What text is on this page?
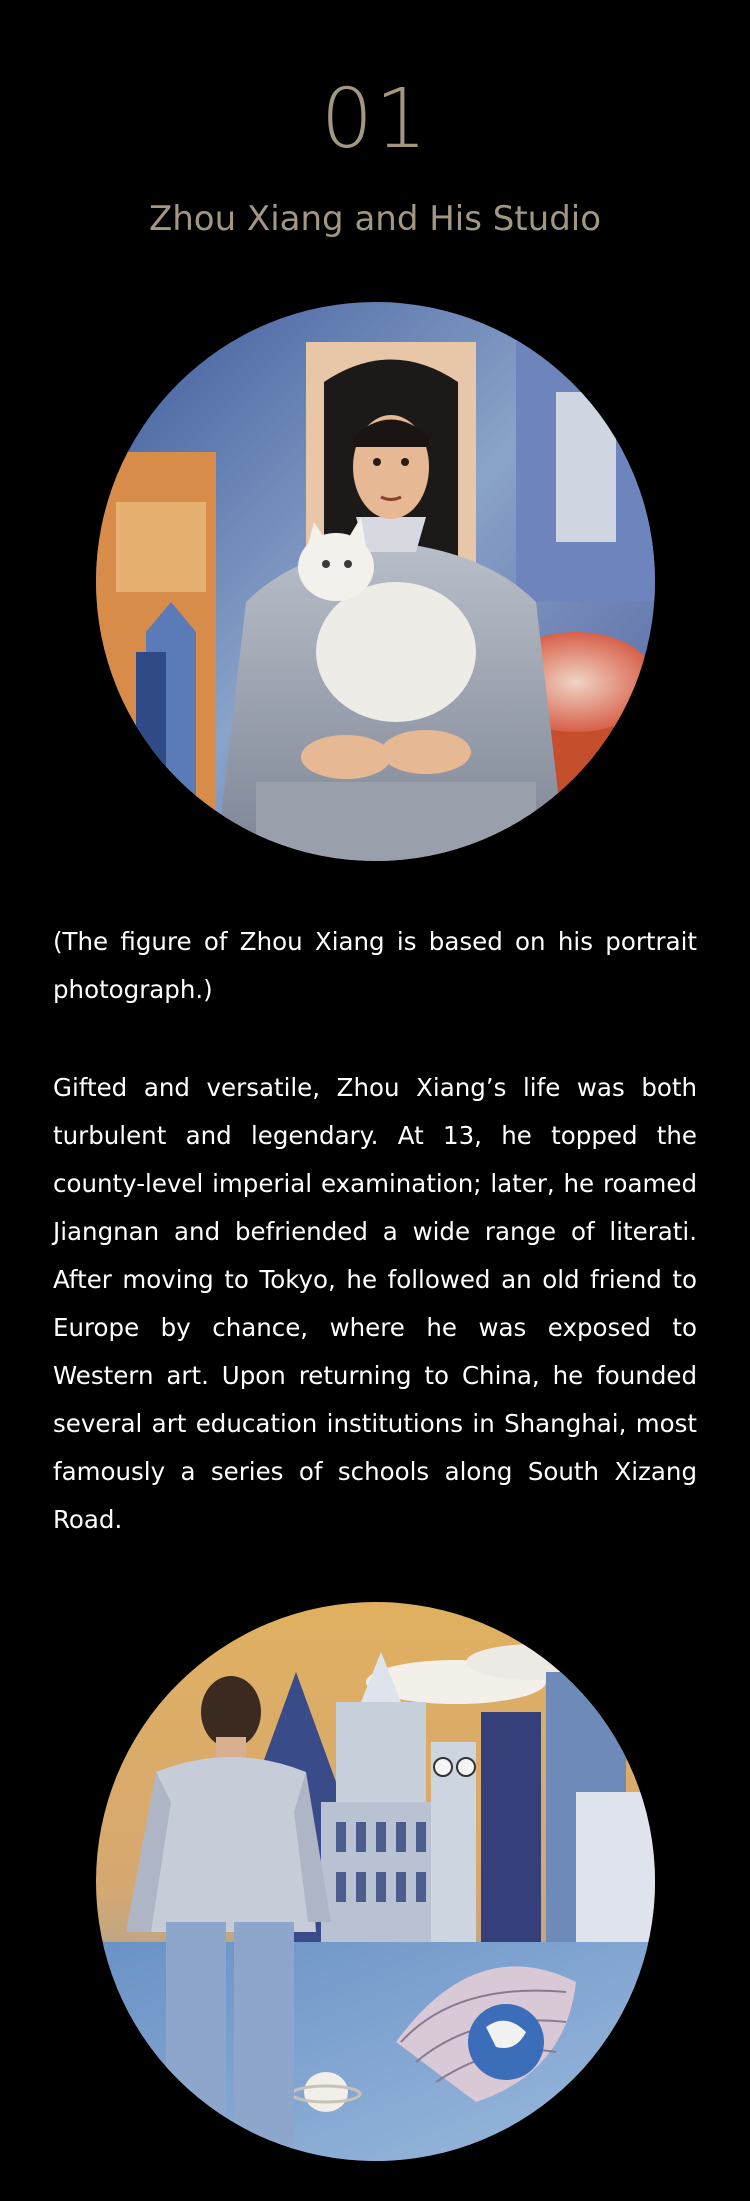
01
Zhou Xiang and His Studio

(The figure of Zhou Xiang is based on his portrait photograph.)

Gifted and versatile, Zhou Xiang’s life was both turbulent and legendary. At 13, he topped the county-level imperial examination; later, he roamed Jiangnan and befriended a wide range of literati. After moving to Tokyo, he followed an old friend to Europe by chance, where he was exposed to Western art. Upon returning to China, he founded several art education institutions in Shanghai, most famously a series of schools along South Xizang Road.
